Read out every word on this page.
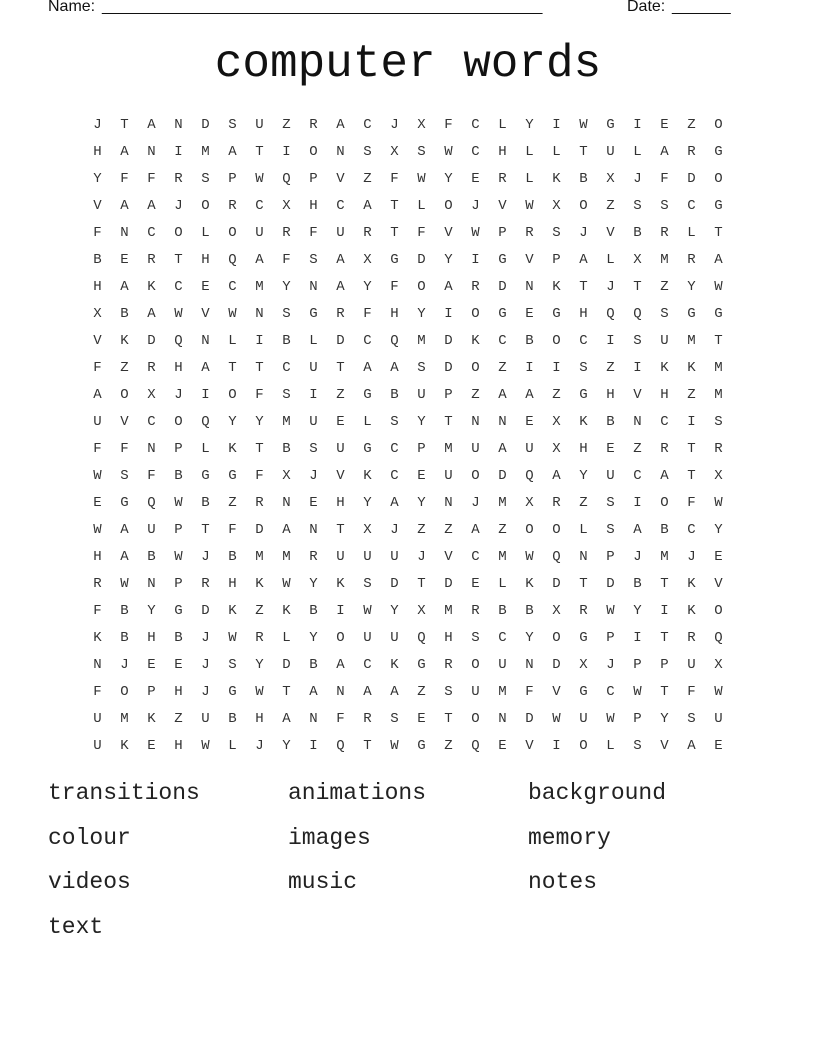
Name: _____________________________________________________	Date: _______
computer words
J	T	A	N	D	S	U	Z	R	A	C	J	X	F	C	L	Y	I	W	G	I	E	Z	O
H	A	N	I	M	A	T	I	O	N	S	X	S	W	C	H	L	L	T	U	L	A	R	G
Y	F	F	R	S	P	W	Q	P	V	Z	F	W	Y	E	R	L	K	B	X	J	F	D	O
V	A	A	J	O	R	C	X	H	C	A	T	L	O	J	V	W	X	O	Z	S	S	C	G
F	N	C	O	L	O	U	R	F	U	R	T	F	V	W	P	R	S	J	V	B	R	L	T
B	E	R	T	H	Q	A	F	S	A	X	G	D	Y	I	G	V	P	A	L	X	M	R	A
H	A	K	C	E	C	M	Y	N	A	Y	F	O	A	R	D	N	K	T	J	T	Z	Y	W
X	B	A	W	V	W	N	S	G	R	F	H	Y	I	O	G	E	G	H	Q	Q	S	G	G
V	K	D	Q	N	L	I	B	L	D	C	Q	M	D	K	C	B	O	C	I	S	U	M	T
F	Z	R	H	A	T	T	C	U	T	A	A	S	D	O	Z	I	I	S	Z	I	K	K	M
A	O	X	J	I	O	F	S	I	Z	G	B	U	P	Z	A	A	Z	G	H	V	H	Z	M
U	V	C	O	Q	Y	Y	M	U	E	L	S	Y	T	N	N	E	X	K	B	N	C	I	S
F	F	N	P	L	K	T	B	S	U	G	C	P	M	U	A	U	X	H	E	Z	R	T	R
W	S	F	B	G	G	F	X	J	V	K	C	E	U	O	D	Q	A	Y	U	C	A	T	X
E	G	Q	W	B	Z	R	N	E	H	Y	A	Y	N	J	M	X	R	Z	S	I	O	F	W
W	A	U	P	T	F	D	A	N	T	X	J	Z	Z	A	Z	O	O	L	S	A	B	C	Y
H	A	B	W	J	B	M	M	R	U	U	U	J	V	C	M	W	Q	N	P	J	M	J	E
R	W	N	P	R	H	K	W	Y	K	S	D	T	D	E	L	K	D	T	D	B	T	K	V
F	B	Y	G	D	K	Z	K	B	I	W	Y	X	M	R	B	B	X	R	W	Y	I	K	O
K	B	H	B	J	W	R	L	Y	O	U	U	Q	H	S	C	Y	O	G	P	I	T	R	Q
N	J	E	E	J	S	Y	D	B	A	C	K	G	R	O	U	N	D	X	J	P	P	U	X
F	O	P	H	J	G	W	T	A	N	A	A	Z	S	U	M	F	V	G	C	W	T	F	W
U	M	K	Z	U	B	H	A	N	F	R	S	E	T	O	N	D	W	U	W	P	Y	S	U
U	K	E	H	W	L	J	Y	I	Q	T	W	G	Z	Q	E	V	I	O	L	S	V	A	E
transitions	animations	background
colour	images	memory
videos	music	notes
text
